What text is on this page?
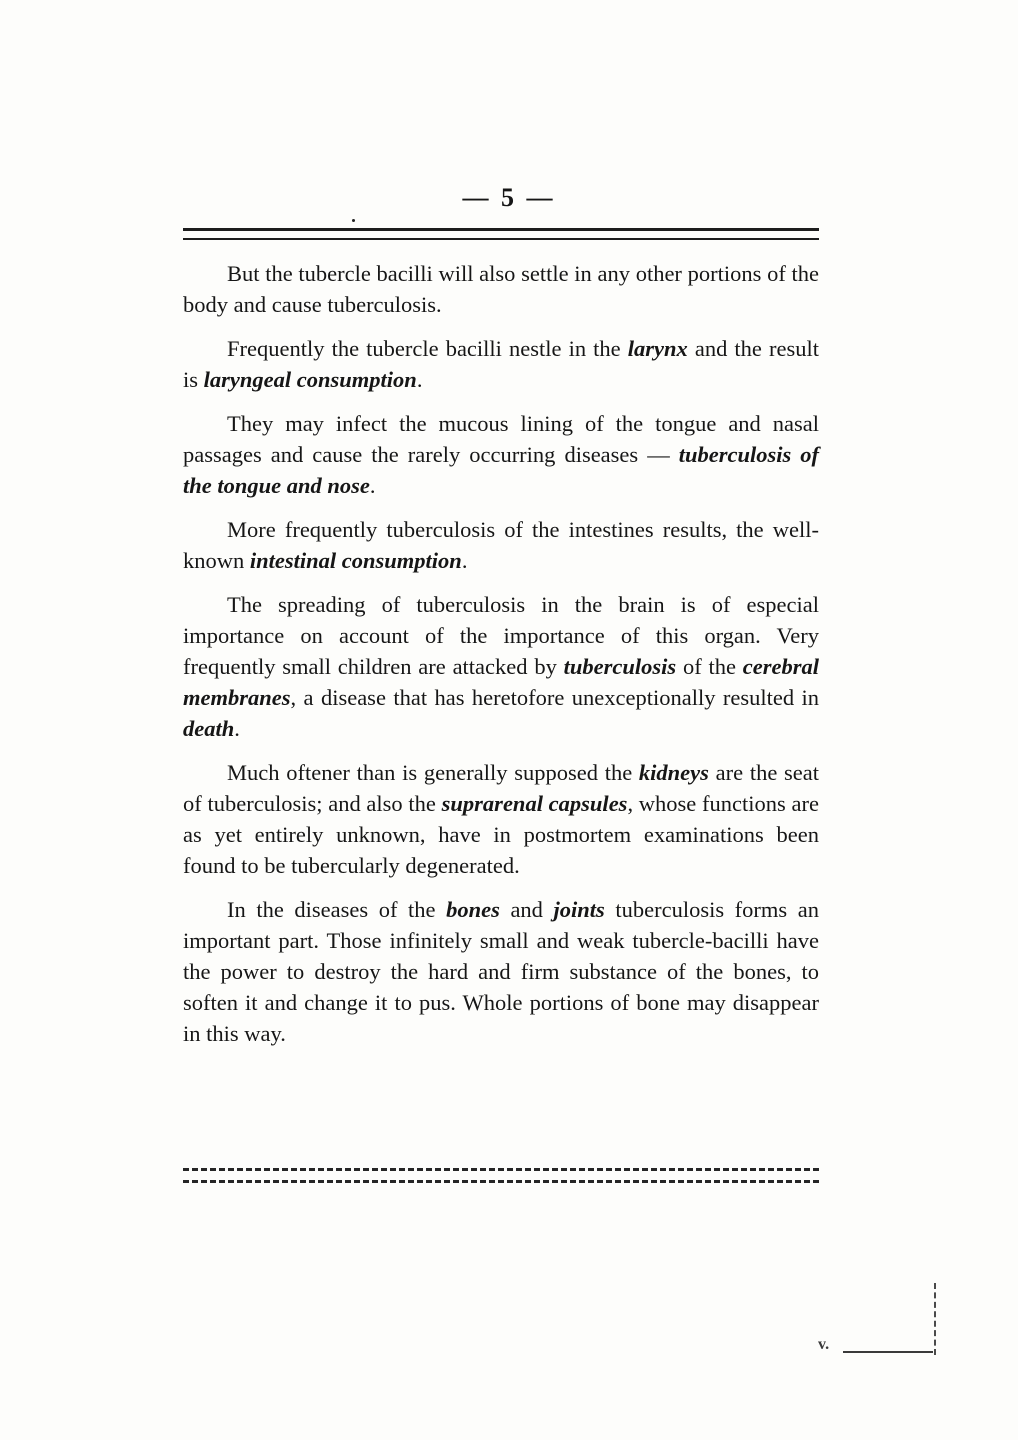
— 5 —

But the tubercle bacilli will also settle in any other portions of the body and cause tuberculosis.

Frequently the tubercle bacilli nestle in the larynx and the result is laryngeal consumption.

They may infect the mucous lining of the tongue and nasal passages and cause the rarely occurring diseases — tuberculosis of the tongue and nose.

More frequently tuberculosis of the intestines results, the well-known intestinal consumption.

The spreading of tuberculosis in the brain is of especial importance on account of the importance of this organ. Very frequently small children are attacked by tuberculosis of the cerebral membranes, a disease that has heretofore unexceptionally resulted in death.

Much oftener than is generally supposed the kidneys are the seat of tuberculosis; and also the suprarenal capsules, whose functions are as yet entirely unknown, have in postmortem examinations been found to be tubercularly degenerated.

In the diseases of the bones and joints tuberculosis forms an important part. Those infinitely small and weak tubercle-bacilli have the power to destroy the hard and firm substance of the bones, to soften it and change it to pus. Whole portions of bone may disappear in this way.

v.
